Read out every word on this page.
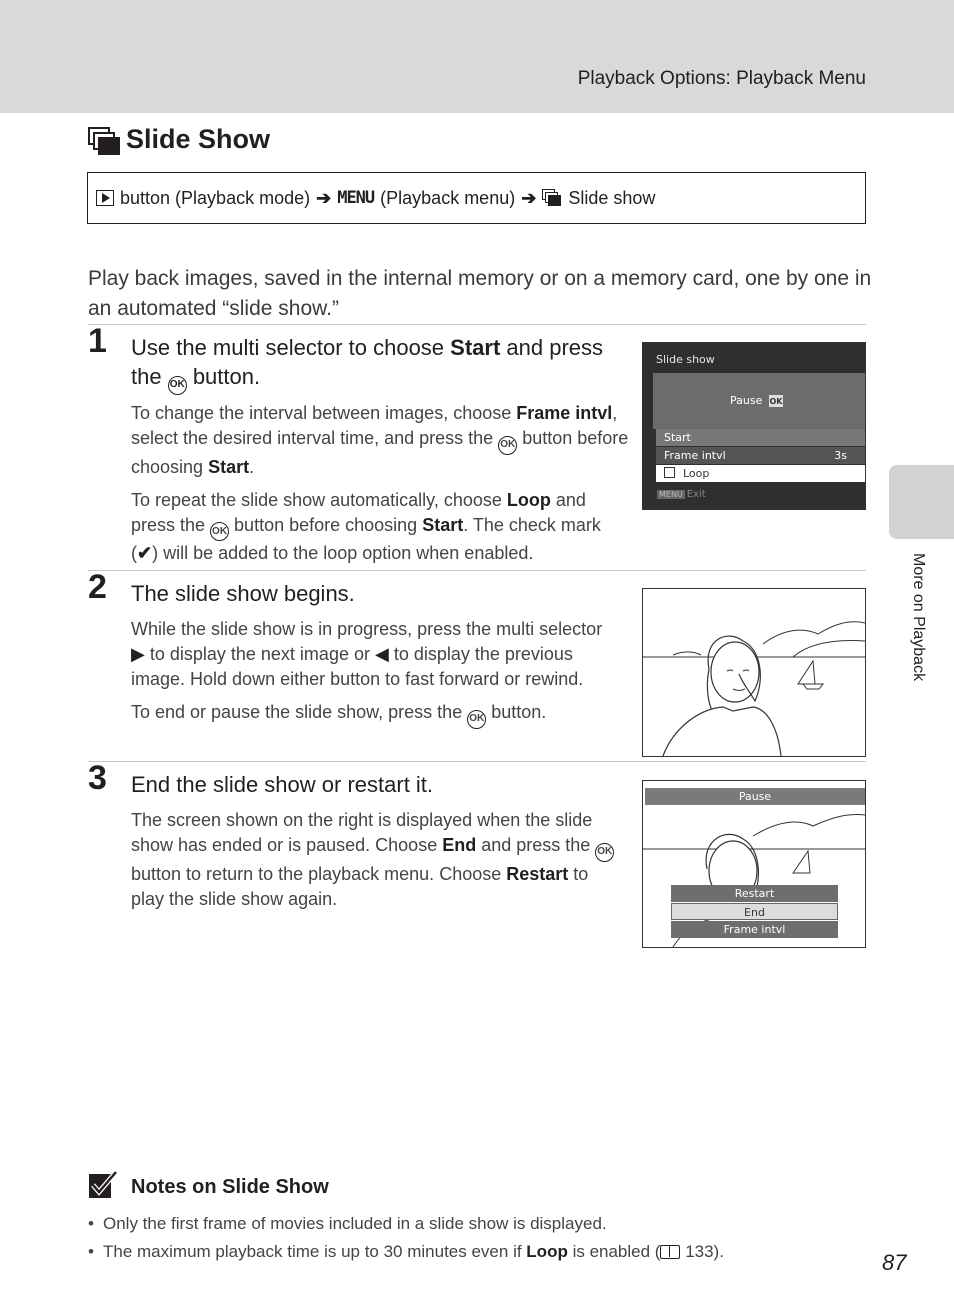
Playback Options: Playback Menu
More on Playback
Slide Show
button (Playback mode) ➔ MENU (Playback menu) ➔ Slide show

Play back images, saved in the internal memory or on a memory card, one by one in an automated “slide show.”

1 Use the multi selector to choose Start and press the OK button.

To change the interval between images, choose Frame intvl, select the desired interval time, and press the OK button before choosing Start.

To repeat the slide show automatically, choose Loop and press the OK button before choosing Start. The check mark (✔) will be added to the loop option when enabled.

Slide show
Pause OK
Start
Frame intvl	3s
Loop
MENU Exit
2 The slide show begins.

While the slide show is in progress, press the multi selector ▶ to display the next image or ◀ to display the previous image. Hold down either button to fast forward or rewind.

To end or pause the slide show, press the OK button.

3 End the slide show or restart it.

The screen shown on the right is displayed when the slide show has ended or is paused. Choose End and press the OK button to return to the playback menu. Choose Restart to play the slide show again.

Pause
Restart
End
Frame intvl
Notes on Slide Show
• Only the first frame of movies included in a slide show is displayed.
• The maximum playback time is up to 30 minutes even if Loop is enabled ( 133).	87
